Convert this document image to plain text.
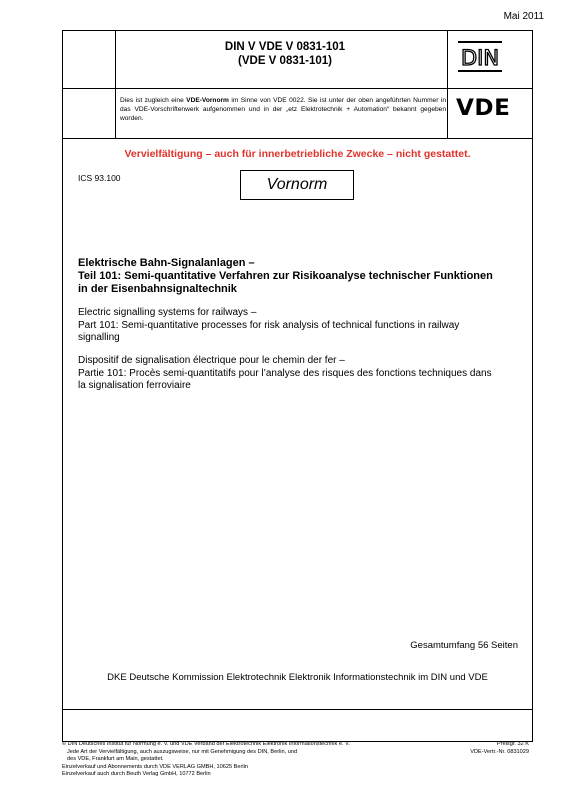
Mai 2011
DIN V VDE V 0831-101
(VDE V 0831-101)	DIN
Dies ist zugleich eine VDE-Vornorm im Sinne von VDE 0022. Sie ist unter der oben angeführten Nummer in das VDE-Vorschriftenwerk aufgenommen und in der „etz Elektrotechnik + Automation“ bekannt gegeben worden.	VDE
Vervielfältigung – auch für innerbetriebliche Zwecke – nicht gestattet.
ICS 93.100	Vornorm
Elektrische Bahn-Signalanlagen –
Teil 101: Semi-quantitative Verfahren zur Risikoanalyse technischer Funktionen
in der Eisenbahnsignaltechnik
Electric signalling systems for railways –
Part 101: Semi-quantitative processes for risk analysis of technical functions in railway
signalling
Dispositif de signalisation électrique pour le chemin der fer –
Partie 101: Procès semi-quantitatifs pour l’analyse des risques des fonctions techniques dans
la signalisation ferroviaire
Gesamtumfang 56 Seiten
DKE Deutsche Kommission Elektrotechnik Elektronik Informationstechnik im DIN und VDE
© DIN Deutsches Institut für Normung e. V. und VDE Verband der Elektrotechnik Elektronik Informationstechnik e. V.
Jede Art der Vervielfältigung, auch auszugsweise, nur mit Genehmigung des DIN, Berlin, und
des VDE, Frankfurt am Main, gestattet.
Einzelverkauf und Abonnements durch VDE VERLAG GMBH, 10625 Berlin
Einzelverkauf auch durch Beuth Verlag GmbH, 10772 Berlin
Preisgr. 32 K
VDE-Vertr.-Nr. 0831029
